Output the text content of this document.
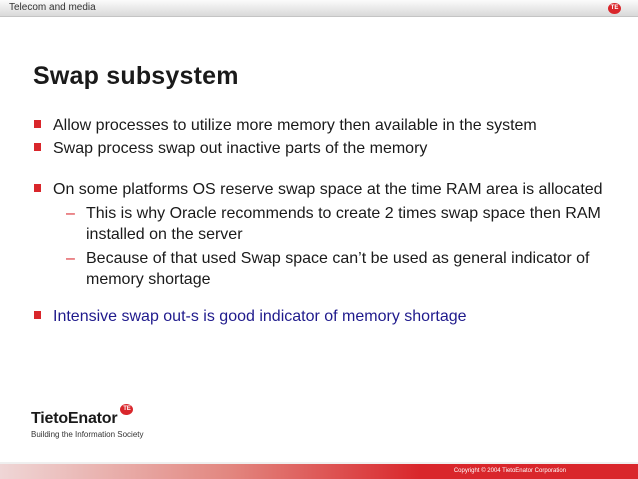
Telecom and media	TE
Swap subsystem
Allow processes to utilize more memory then available in the system
Swap process swap out inactive parts of the memory
On some platforms OS reserve swap space at the time RAM area is allocated
– This is why Oracle recommends to create 2 times swap space then RAM installed on the server
– Because of that used Swap space can’t be used as general indicator of memory shortage
Intensive swap out-s is good indicator of memory shortage
TietoEnator
TE
Building the Information Society
Copyright © 2004 TietoEnator Corporation
